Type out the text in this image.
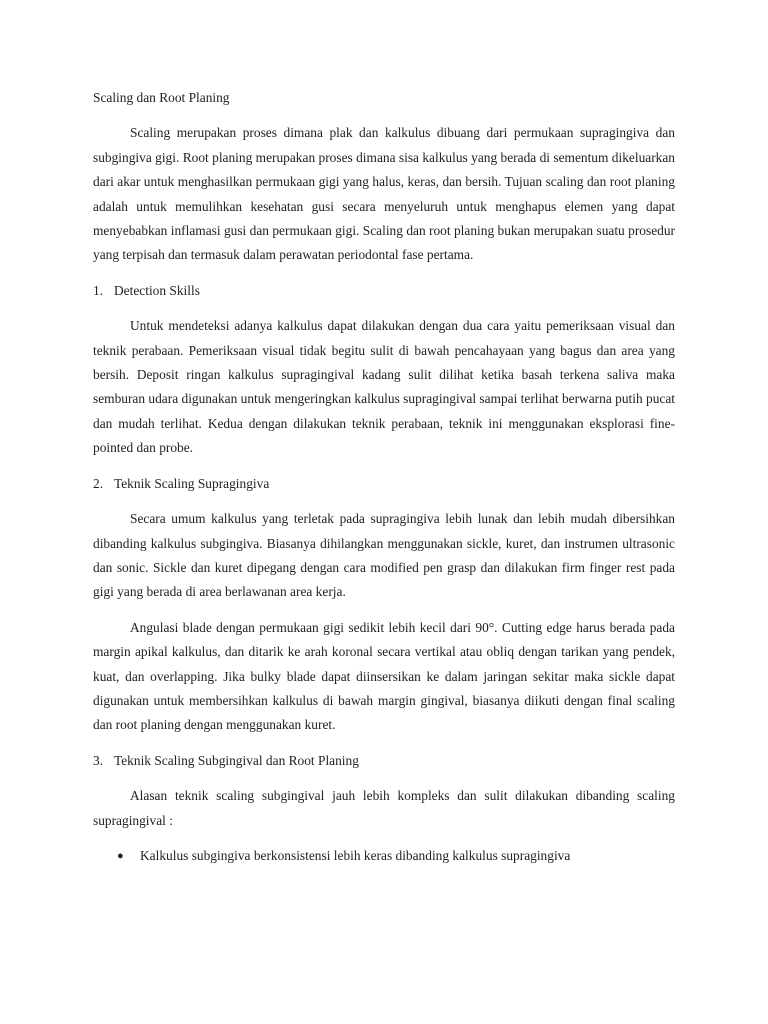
Scaling dan Root Planing

Scaling merupakan proses dimana plak dan kalkulus dibuang dari permukaan supragingiva dan subgingiva gigi. Root planing merupakan proses dimana sisa kalkulus yang berada di sementum dikeluarkan dari akar untuk menghasilkan permukaan gigi yang halus, keras, dan bersih. Tujuan scaling dan root planing adalah untuk memulihkan kesehatan gusi secara menyeluruh untuk menghapus elemen yang dapat menyebabkan inflamasi gusi dan permukaan gigi. Scaling dan root planing bukan merupakan suatu prosedur yang terpisah dan termasuk dalam perawatan periodontal fase pertama.

1. Detection Skills

Untuk mendeteksi adanya kalkulus dapat dilakukan dengan dua cara yaitu pemeriksaan visual dan teknik perabaan. Pemeriksaan visual tidak begitu sulit di bawah pencahayaan yang bagus dan area yang bersih. Deposit ringan kalkulus supragingival kadang sulit dilihat ketika basah terkena saliva maka semburan udara digunakan untuk mengeringkan kalkulus supragingival sampai terlihat berwarna putih pucat dan mudah terlihat. Kedua dengan dilakukan teknik perabaan, teknik ini menggunakan eksplorasi fine-pointed dan probe.

2. Teknik Scaling Supragingiva

Secara umum kalkulus yang terletak pada supragingiva lebih lunak dan lebih mudah dibersihkan dibanding kalkulus subgingiva. Biasanya dihilangkan menggunakan sickle, kuret, dan instrumen ultrasonic dan sonic. Sickle dan kuret dipegang dengan cara modified pen grasp dan dilakukan firm finger rest pada gigi yang berada di area berlawanan area kerja.

Angulasi blade dengan permukaan gigi sedikit lebih kecil dari 90°. Cutting edge harus berada pada margin apikal kalkulus, dan ditarik ke arah koronal secara vertikal atau obliq dengan tarikan yang pendek, kuat, dan overlapping. Jika bulky blade dapat diinsersikan ke dalam jaringan sekitar maka sickle dapat digunakan untuk membersihkan kalkulus di bawah margin gingival, biasanya diikuti dengan final scaling dan root planing dengan menggunakan kuret.

3. Teknik Scaling Subgingival dan Root Planing

Alasan teknik scaling subgingival jauh lebih kompleks dan sulit dilakukan dibanding scaling supragingival :

● Kalkulus subgingiva berkonsistensi lebih keras dibanding kalkulus supragingiva
